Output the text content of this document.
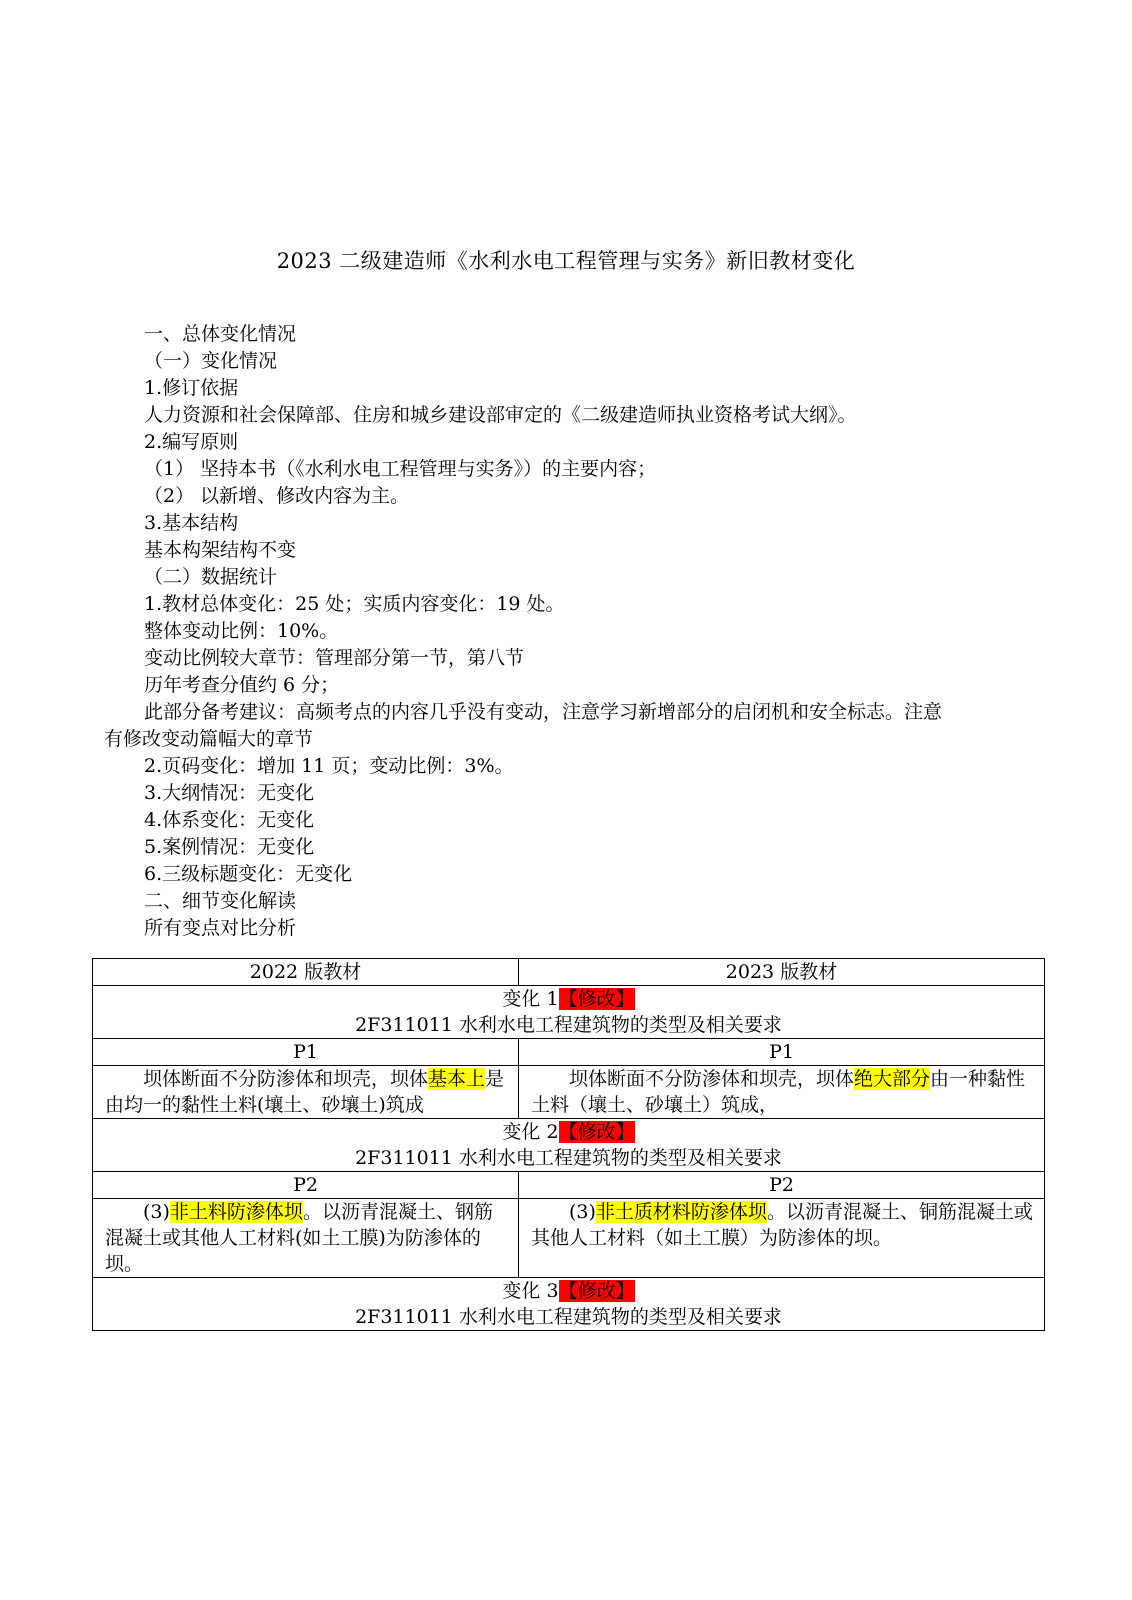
2023 二级建造师《水利水电工程管理与实务》新旧教材变化
一、总体变化情况
（一）变化情况
1.修订依据
人力资源和社会保障部、住房和城乡建设部审定的《二级建造师执业资格考试大纲》。
2.编写原则
（1） 坚持本书（《水利水电工程管理与实务》）的主要内容；
（2） 以新增、修改内容为主。
3.基本结构
基本构架结构不变
（二）数据统计
1.教材总体变化：25 处；实质内容变化：19 处。
整体变动比例：10%。
变动比例较大章节：管理部分第一节，第八节
历年考查分值约 6 分；
此部分备考建议：高频考点的内容几乎没有变动，注意学习新增部分的启闭机和安全标志。注意
有修改变动篇幅大的章节
2.页码变化：增加 11 页；变动比例：3%。
3.大纲情况：无变化
4.体系变化：无变化
5.案例情况：无变化
6.三级标题变化：无变化
二、细节变化解读
所有变点对比分析
2022 版教材	2023 版教材

变化 1【修改】
2F311011 水利水电工程建筑物的类型及相关要求	

P1	P1
坝体断面不分防渗体和坝壳，坝体基本上是由均一的黏性土料(壤土、砂壤土)筑成	坝体断面不分防渗体和坝壳，坝体绝大部分由一种黏性土料（壤土、砂壤土）筑成，

变化 2【修改】
2F311011 水利水电工程建筑物的类型及相关要求	

P2	P2
(3)非土料防渗体坝。以沥青混凝土、钢筋混凝土或其他人工材料(如土工膜)为防渗体的坝。	(3)非土质材料防渗体坝。以沥青混凝土、铜筋混凝土或其他人工材料（如土工膜）为防渗体的坝。

变化 3【修改】
2F311011 水利水电工程建筑物的类型及相关要求	
